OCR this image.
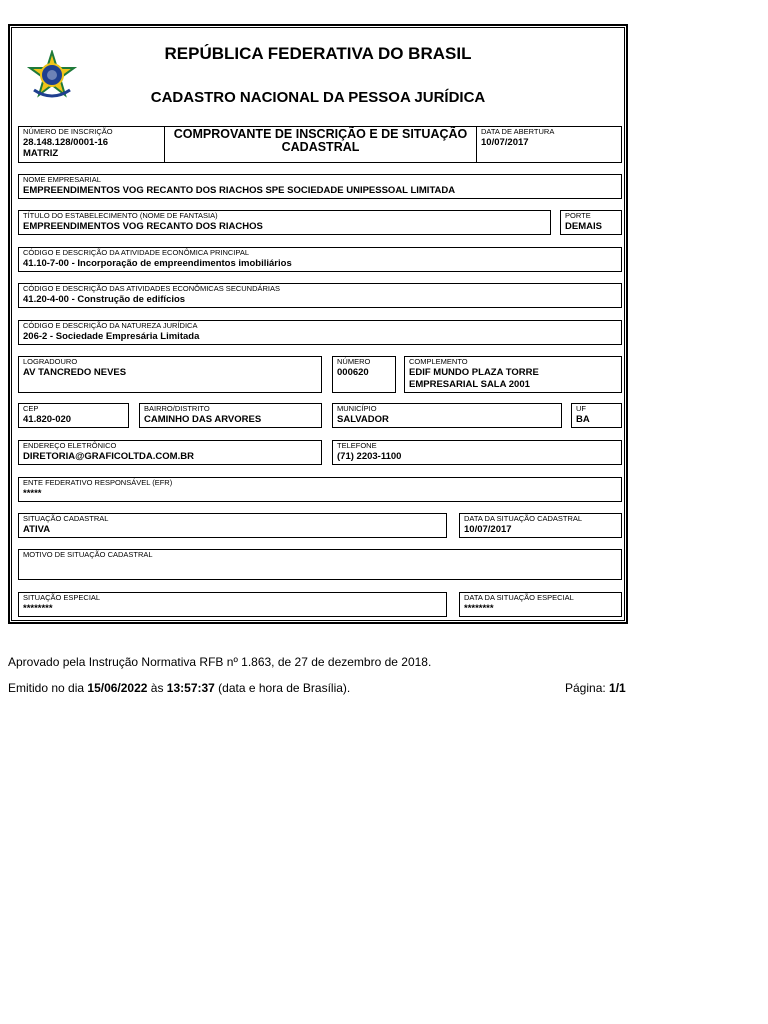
REPÚBLICA FEDERATIVA DO BRASIL
CADASTRO NACIONAL DA PESSOA JURÍDICA
NÚMERO DE INSCRIÇÃO
28.148.128/0001-16
MATRIZ
COMPROVANTE DE INSCRIÇÃO E DE SITUAÇÃO CADASTRAL
DATA DE ABERTURA
10/07/2017
NOME EMPRESARIAL
EMPREENDIMENTOS VOG RECANTO DOS RIACHOS SPE SOCIEDADE UNIPESSOAL LIMITADA
TÍTULO DO ESTABELECIMENTO (NOME DE FANTASIA)
EMPREENDIMENTOS VOG RECANTO DOS RIACHOS
PORTE
DEMAIS
CÓDIGO E DESCRIÇÃO DA ATIVIDADE ECONÔMICA PRINCIPAL
41.10-7-00 - Incorporação de empreendimentos imobiliários
CÓDIGO E DESCRIÇÃO DAS ATIVIDADES ECONÔMICAS SECUNDÁRIAS
41.20-4-00 - Construção de edifícios
CÓDIGO E DESCRIÇÃO DA NATUREZA JURÍDICA
206-2 - Sociedade Empresária Limitada
LOGRADOURO
AV TANCREDO NEVES
NÚMERO
000620
COMPLEMENTO
EDIF MUNDO PLAZA TORRE EMPRESARIAL SALA 2001
CEP
41.820-020
BAIRRO/DISTRITO
CAMINHO DAS ARVORES
MUNICÍPIO
SALVADOR
UF
BA
ENDEREÇO ELETRÔNICO
DIRETORIA@GRAFICOLTDA.COM.BR
TELEFONE
(71) 2203-1100
ENTE FEDERATIVO RESPONSÁVEL (EFR)
*****
SITUAÇÃO CADASTRAL
ATIVA
DATA DA SITUAÇÃO CADASTRAL
10/07/2017
MOTIVO DE SITUAÇÃO CADASTRAL
SITUAÇÃO ESPECIAL
********
DATA DA SITUAÇÃO ESPECIAL
********
Aprovado pela Instrução Normativa RFB nº 1.863, de 27 de dezembro de 2018.
Emitido no dia 15/06/2022 às 13:57:37 (data e hora de Brasília).	Página: 1/1
